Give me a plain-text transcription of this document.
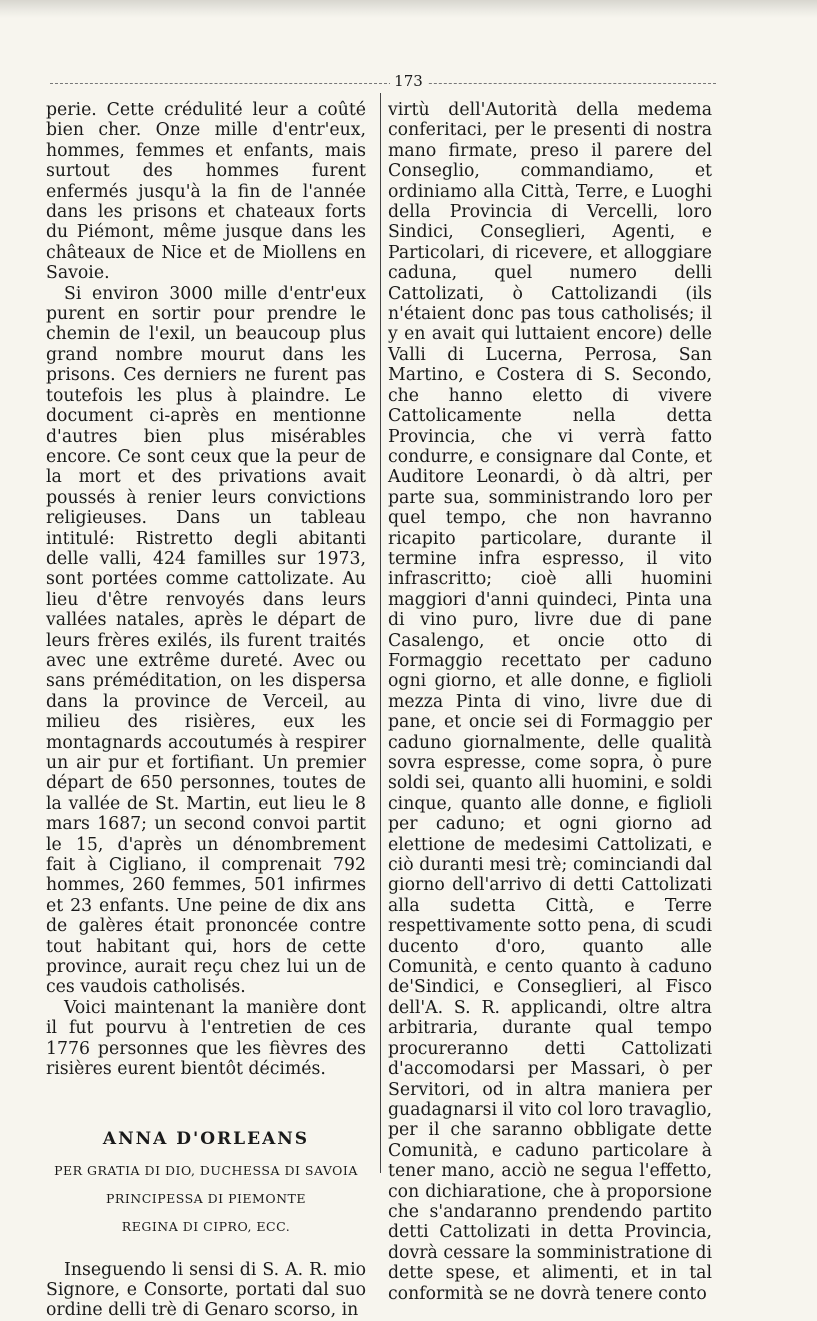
173

perie. Cette crédulité leur a coûté bien cher. Onze mille d'entr'eux, hommes, femmes et enfants, mais surtout des hommes furent enfermés jusqu'à la fin de l'année dans les prisons et chateaux forts du Piémont, même jusque dans les châteaux de Nice et de Miollens en Savoie.

Si environ 3000 mille d'entr'eux purent en sortir pour prendre le chemin de l'exil, un beaucoup plus grand nombre mourut dans les prisons. Ces derniers ne furent pas toutefois les plus à plaindre. Le document ci-après en mentionne d'autres bien plus misérables encore. Ce sont ceux que la peur de la mort et des privations avait poussés à renier leurs convictions religieuses. Dans un tableau intitulé: Ristretto degli abitanti delle valli, 424 familles sur 1973, sont portées comme cattolizate. Au lieu d'être renvoyés dans leurs vallées natales, après le départ de leurs frères exilés, ils furent traités avec une extrême dureté. Avec ou sans préméditation, on les dispersa dans la province de Verceil, au milieu des risières, eux les montagnards accoutumés à respirer un air pur et fortifiant. Un premier départ de 650 personnes, toutes de la vallée de St. Martin, eut lieu le 8 mars 1687; un second convoi partit le 15, d'après un dénombrement fait à Cigliano, il comprenait 792 hommes, 260 femmes, 501 infirmes et 23 enfants. Une peine de dix ans de galères était prononcée contre tout habitant qui, hors de cette province, aurait reçu chez lui un de ces vaudois catholisés.

Voici maintenant la manière dont il fut pourvu à l'entretien de ces 1776 personnes que les fièvres des risières eurent bientôt décimés.

ANNA D'ORLEANS
PER GRATIA DI DIO, DUCHESSA DI SAVOIA
PRINCIPESSA DI PIEMONTE
REGINA DI CIPRO, ECC.

Inseguendo li sensi di S. A. R. mio Signore, e Consorte, portati dal suo ordine delli trè di Genaro scorso, in

virtù dell'Autorità della medema conferitaci, per le presenti di nostra mano firmate, preso il parere del Conseglio, commandiamo, et ordiniamo alla Città, Terre, e Luoghi della Provincia di Vercelli, loro Sindici, Conseglieri, Agenti, e Particolari, di ricevere, et alloggiare caduna, quel numero delli Cattolizati, ò Cattolizandi (ils n'étaient donc pas tous catholisés; il y en avait qui luttaient encore) delle Valli di Lucerna, Perrosa, San Martino, e Costera di S. Secondo, che hanno eletto di vivere Cattolicamente nella detta Provincia, che vi verrà fatto condurre, e consignare dal Conte, et Auditore Leonardi, ò dà altri, per parte sua, somministrando loro per quel tempo, che non havranno ricapito particolare, durante il termine infra espresso, il vito infrascritto; cioè alli huomini maggiori d'anni quindeci, Pinta una di vino puro, livre due di pane Casalengo, et oncie otto di Formaggio recettato per caduno ogni giorno, et alle donne, e figlioli mezza Pinta di vino, livre due di pane, et oncie sei di Formaggio per caduno giornalmente, delle qualità sovra espresse, come sopra, ò pure soldi sei, quanto alli huomini, e soldi cinque, quanto alle donne, e figlioli per caduno; et ogni giorno ad elettione de medesimi Cattolizati, e ciò duranti mesi trè; cominciandi dal giorno dell'arrivo di detti Cattolizati alla sudetta Città, e Terre respettivamente sotto pena, di scudi ducento d'oro, quanto alle Comunità, e cento quanto à caduno de'Sindici, e Conseglieri, al Fisco dell'A. S. R. applicandi, oltre altra arbitraria, durante qual tempo procureranno detti Cattolizati d'accomodarsi per Massari, ò per Servitori, od in altra maniera per guadagnarsi il vito col loro travaglio, per il che saranno obbligate dette Comunità, e caduno particolare à tener mano, acciò ne segua l'effetto, con dichiaratione, che à proporsione che s'andaranno prendendo partito detti Cattolizati in detta Provincia, dovrà cessare la somministratione di dette spese, et alimenti, et in tal conformità se ne dovrà tenere conto
